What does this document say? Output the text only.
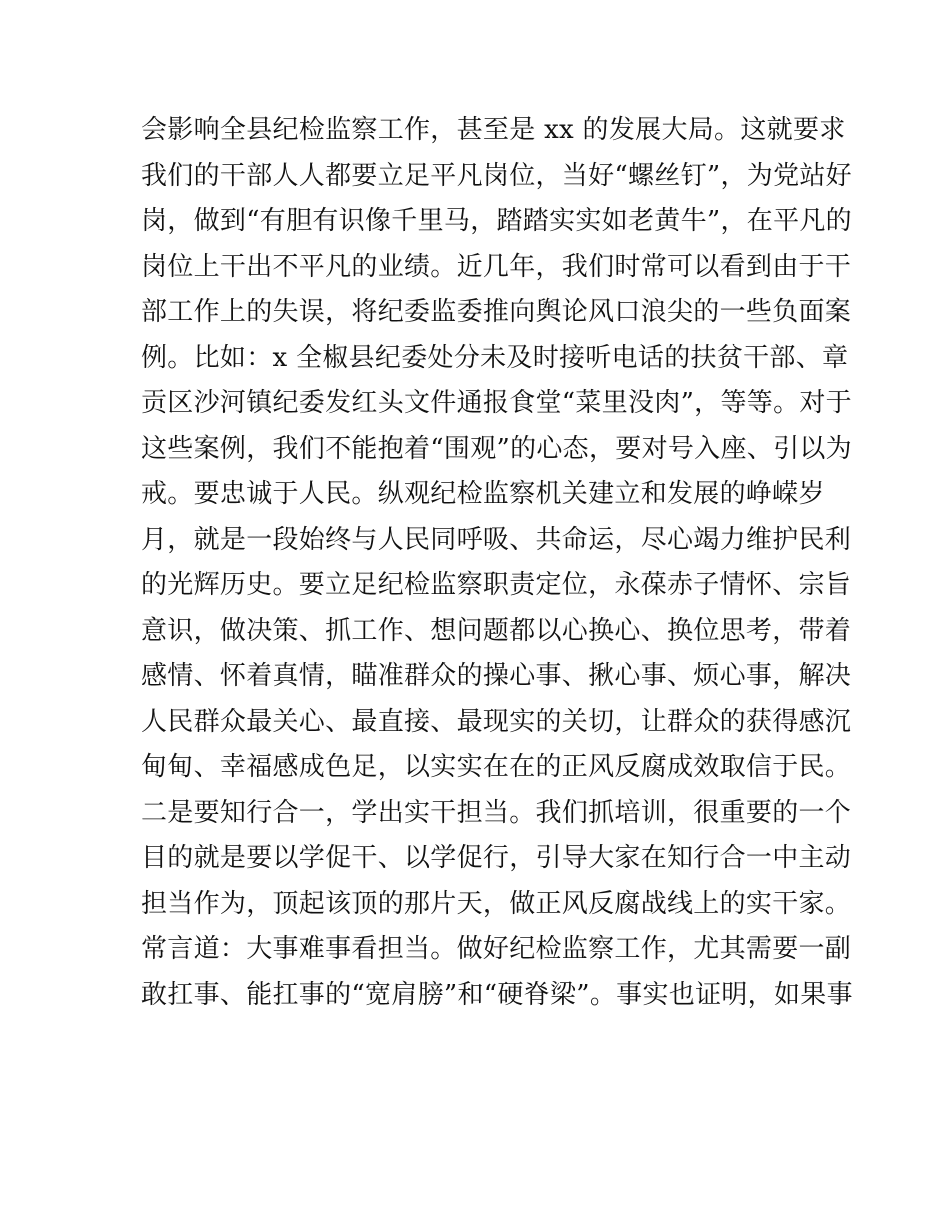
会影响全县纪检监察工作，甚至是 xx 的发展大局。这就要求
我们的干部人人都要立足平凡岗位，当好“螺丝钉”，为党站好
岗，做到“有胆有识像千里马，踏踏实实如老黄牛”，在平凡的
岗位上干出不平凡的业绩。近几年，我们时常可以看到由于干
部工作上的失误，将纪委监委推向舆论风口浪尖的一些负面案
例。比如：x 全椒县纪委处分未及时接听电话的扶贫干部、章
贡区沙河镇纪委发红头文件通报食堂“菜里没肉”，等等。对于
这些案例，我们不能抱着“围观”的心态，要对号入座、引以为
戒。要忠诚于人民。纵观纪检监察机关建立和发展的峥嵘岁
月，就是一段始终与人民同呼吸、共命运，尽心竭力维护民利
的光辉历史。要立足纪检监察职责定位，永葆赤子情怀、宗旨
意识，做决策、抓工作、想问题都以心换心、换位思考，带着
感情、怀着真情，瞄准群众的操心事、揪心事、烦心事，解决
人民群众最关心、最直接、最现实的关切，让群众的获得感沉
甸甸、幸福感成色足，以实实在在的正风反腐成效取信于民。
二是要知行合一，学出实干担当。我们抓培训，很重要的一个
目的就是要以学促干、以学促行，引导大家在知行合一中主动
担当作为，顶起该顶的那片天，做正风反腐战线上的实干家。
常言道：大事难事看担当。做好纪检监察工作，尤其需要一副
敢扛事、能扛事的“宽肩膀”和“硬脊梁”。事实也证明，如果事
